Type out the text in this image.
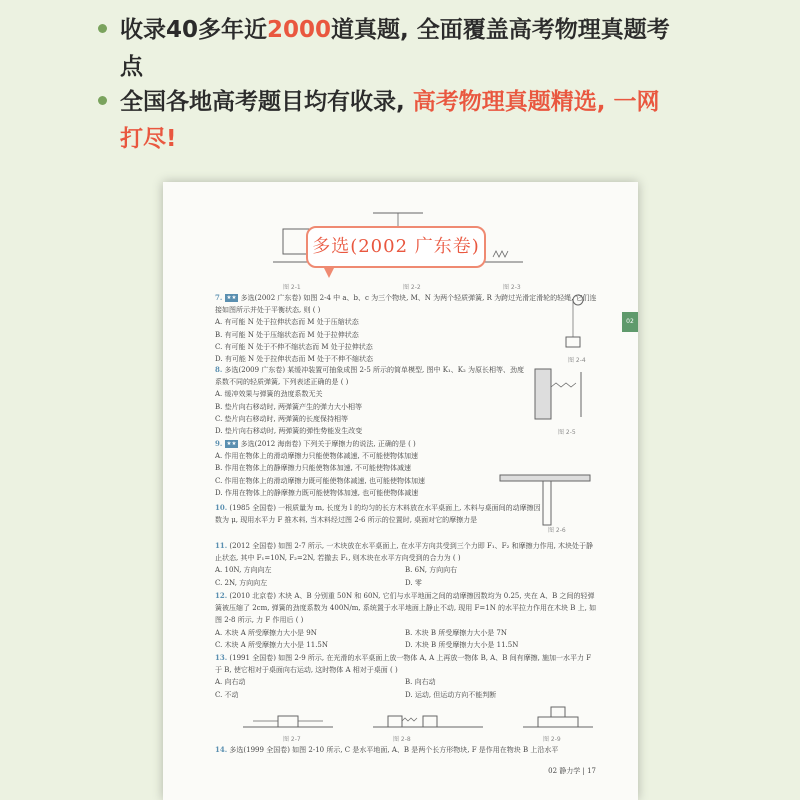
收录40多年近2000道真题, 全面覆盖高考物理真题考点
全国各地高考题目均有收录, 高考物理真题精选, 一网打尽!
图 2-1	图 2-2	图 2-3
多选(2002 广东卷)
02
7. ★★ 多选(2002 广东卷) 如图 2-4 中 a、b、c 为三个物块, M、N 为两个轻质弹簧, R 为跨过光滑定滑轮的轻绳, 它们连接如图所示并处于平衡状态, 则 ( )
A. 有可能 N 处于拉伸状态而 M 处于压缩状态
B. 有可能 N 处于压缩状态而 M 处于拉伸状态
C. 有可能 N 处于不伸不缩状态而 M 处于拉伸状态
D. 有可能 N 处于拉伸状态而 M 处于不伸不缩状态	图 2-4
8. 多选(2009 广东卷) 某缓冲装置可抽象成图 2-5 所示的简单模型, 图中 K₁、K₂ 为原长相等、劲度系数不同的轻质弹簧, 下列表述正确的是 ( )
A. 缓冲效果与弹簧的劲度系数无关
B. 垫片向右移动时, 两弹簧产生的弹力大小相等
C. 垫片向右移动时, 两弹簧的长度保持相等
D. 垫片向右移动时, 两弹簧的弹性势能发生改变	图 2-5
9. ★★ 多选(2012 海南卷) 下列关于摩擦力的说法, 正确的是 ( )
A. 作用在物体上的滑动摩擦力只能使物体减速, 不可能使物体加速
B. 作用在物体上的静摩擦力只能使物体加速, 不可能使物体减速
C. 作用在物体上的滑动摩擦力既可能使物体减速, 也可能使物体加速
D. 作用在物体上的静摩擦力既可能使物体加速, 也可能使物体减速
图 2-6
10. (1985 全国卷) 一根质量为 m, 长度为 l 的均匀的长方木料放在水平桌面上, 木料与桌面间的动摩擦因数为 μ, 现用水平力 F 推木料, 当木料经过图 2-6 所示的位置时, 桌面对它的摩擦力是
11. (2012 全国卷) 如图 2-7 所示, 一木块放在水平桌面上, 在水平方向共受到三个力即 F₁、F₂ 和摩擦力作用, 木块处于静止状态, 其中 F₁=10N, F₂=2N, 若撤去 F₁, 则木块在水平方向受到的合力为 ( )
A. 10N, 方向向左	B. 6N, 方向向右
C. 2N, 方向向左	D. 零
12. (2010 北京卷) 木块 A、B 分别重 50N 和 60N, 它们与水平地面之间的动摩擦因数均为 0.25, 夹在 A、B 之间的轻弹簧被压缩了 2cm, 弹簧的劲度系数为 400N/m, 系统置于水平地面上静止不动, 现用 F=1N 的水平拉力作用在木块 B 上, 如图 2-8 所示, 力 F 作用后 ( )
A. 木块 A 所受摩擦力大小是 9N	B. 木块 B 所受摩擦力大小是 7N
C. 木块 A 所受摩擦力大小是 11.5N	D. 木块 B 所受摩擦力大小是 11.5N
13. (1991 全国卷) 如图 2-9 所示, 在光滑的水平桌面上放一物体 A, A 上再放一物体 B, A、B 间有摩擦, 施加一水平力 F 于 B, 使它相对于桌面向右运动, 这时物体 A 相对于桌面 ( )
A. 向右动	B. 向右动
C. 不动	D. 运动, 但运动方向不能判断
图 2-7	图 2-8	图 2-9
14. 多选(1999 全国卷) 如图 2-10 所示, C 是水平地面, A、B 是两个长方形物块, F 是作用在物块 B 上沿水平
02 静力学 | 17
